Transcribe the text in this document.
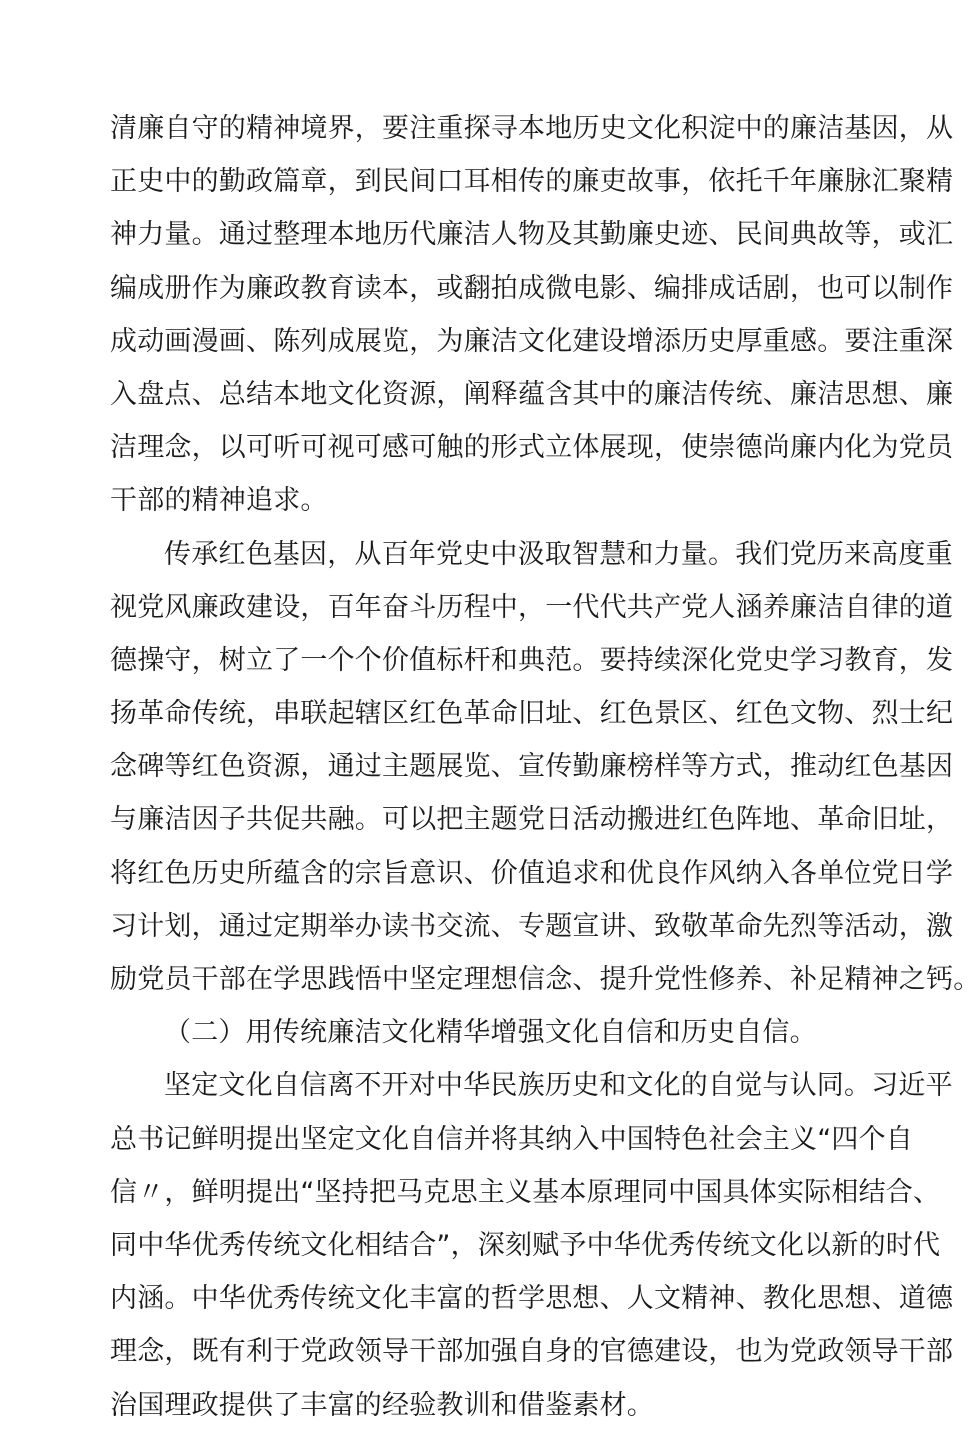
清廉自守的精神境界，要注重探寻本地历史文化积淀中的廉洁基因，从
正史中的勤政篇章，到民间口耳相传的廉吏故事，依托千年廉脉汇聚精
神力量。通过整理本地历代廉洁人物及其勤廉史迹、民间典故等，或汇
编成册作为廉政教育读本，或翻拍成微电影、编排成话剧，也可以制作
成动画漫画、陈列成展览，为廉洁文化建设增添历史厚重感。要注重深
入盘点、总结本地文化资源，阐释蕴含其中的廉洁传统、廉洁思想、廉
洁理念，以可听可视可感可触的形式立体展现，使崇德尚廉内化为党员
干部的精神追求。
传承红色基因，从百年党史中汲取智慧和力量。我们党历来高度重
视党风廉政建设，百年奋斗历程中，一代代共产党人涵养廉洁自律的道
德操守，树立了一个个价值标杆和典范。要持续深化党史学习教育，发
扬革命传统，串联起辖区红色革命旧址、红色景区、红色文物、烈士纪
念碑等红色资源，通过主题展览、宣传勤廉榜样等方式，推动红色基因
与廉洁因子共促共融。可以把主题党日活动搬进红色阵地、革命旧址，
将红色历史所蕴含的宗旨意识、价值追求和优良作风纳入各单位党日学
习计划，通过定期举办读书交流、专题宣讲、致敬革命先烈等活动，激
励党员干部在学思践悟中坚定理想信念、提升党性修养、补足精神之钙。
（二）用传统廉洁文化精华增强文化自信和历史自信。
坚定文化自信离不开对中华民族历史和文化的自觉与认同。习近平
总书记鲜明提出坚定文化自信并将其纳入中国特色社会主义“四个自
信〃，鲜明提出“坚持把马克思主义基本原理同中国具体实际相结合、
同中华优秀传统文化相结合”，深刻赋予中华优秀传统文化以新的时代
内涵。中华优秀传统文化丰富的哲学思想、人文精神、教化思想、道德
理念，既有利于党政领导干部加强自身的官德建设，也为党政领导干部
治国理政提供了丰富的经验教训和借鉴素材。
